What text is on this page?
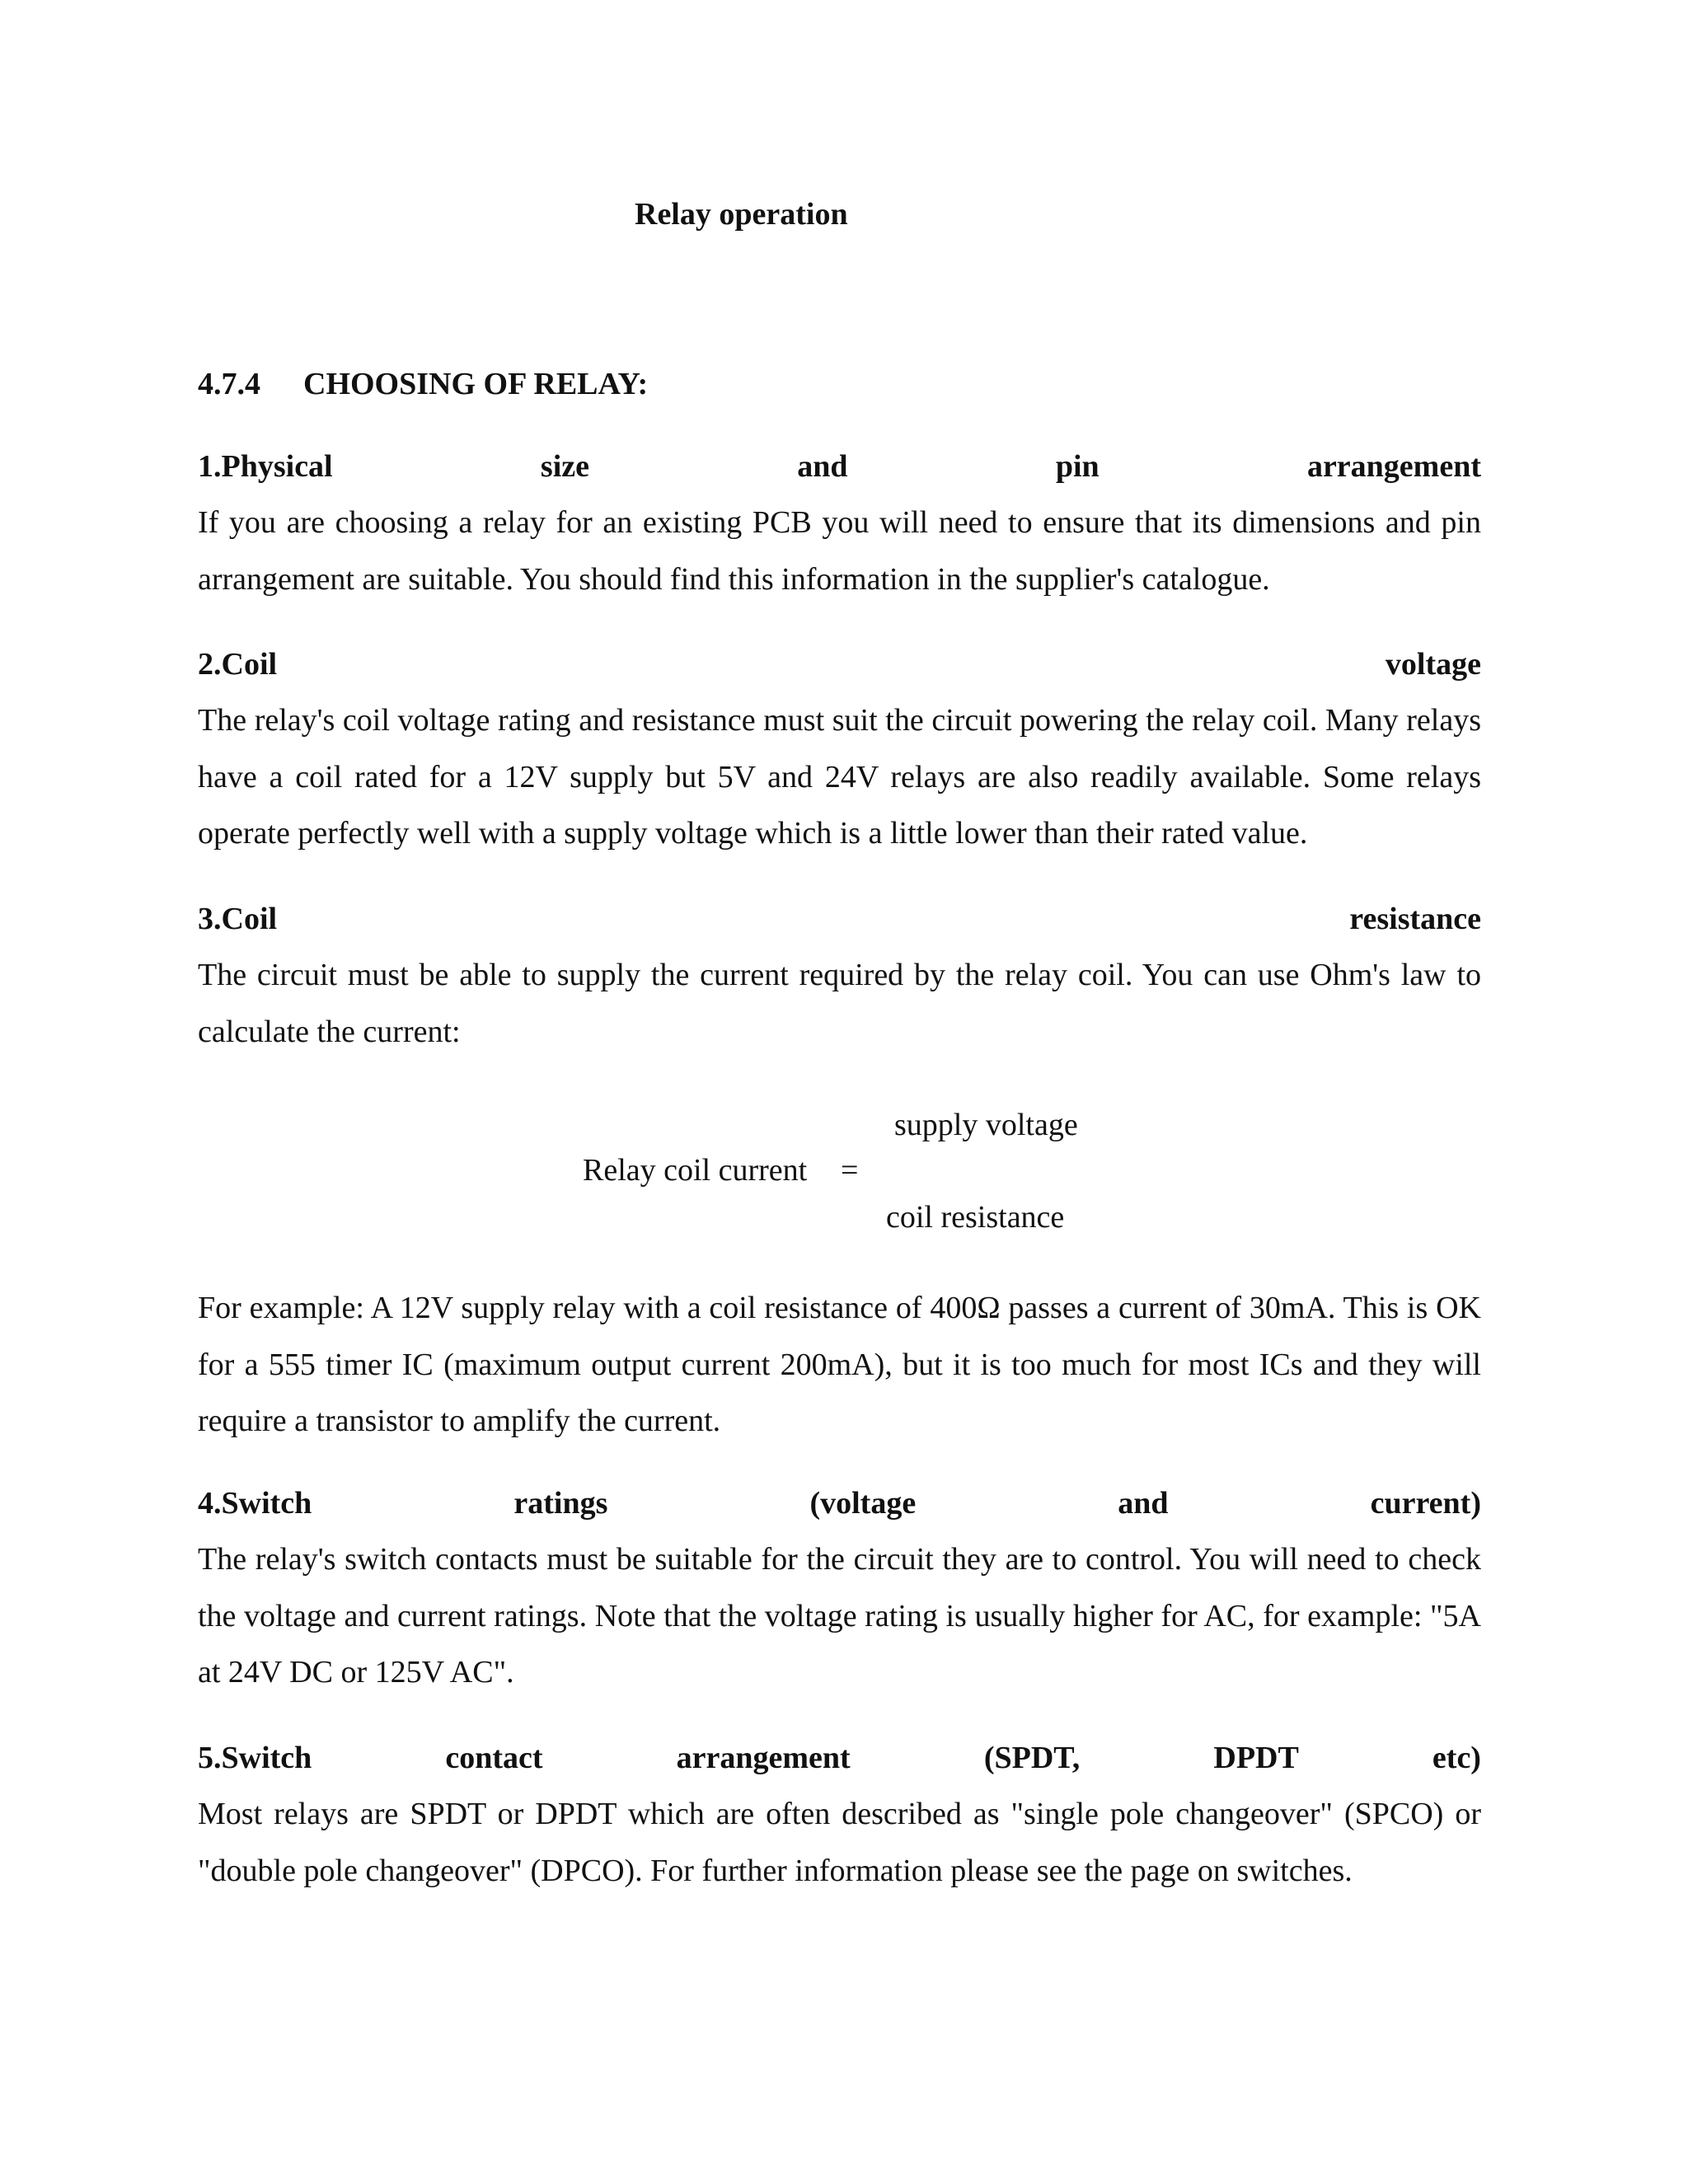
Relay operation
4.7.4 CHOOSING OF RELAY:
1.Physical	size	and	pin	arrangement
If you are choosing a relay for an existing PCB you will need to ensure that its dimensions and pin arrangement are suitable. You should find this information in the supplier's catalogue.
2.Coil	voltage
The relay's coil voltage rating and resistance must suit the circuit powering the relay coil. Many relays have a coil rated for a 12V supply but 5V and 24V relays are also readily available. Some relays operate perfectly well with a supply voltage which is a little lower than their rated value.
3.Coil	resistance
The circuit must be able to supply the current required by the relay coil. You can use Ohm's law to calculate the current:
supply voltage
Relay coil current =
coil resistance
For example: A 12V supply relay with a coil resistance of 400Ω passes a current of 30mA. This is OK for a 555 timer IC (maximum output current 200mA), but it is too much for most ICs and they will require a transistor to amplify the current.
4.Switch	ratings	(voltage	and	current)
The relay's switch contacts must be suitable for the circuit they are to control. You will need to check the voltage and current ratings. Note that the voltage rating is usually higher for AC, for example: "5A at 24V DC or 125V AC".
5.Switch	contact	arrangement	(SPDT,	DPDT	etc)
Most relays are SPDT or DPDT which are often described as "single pole changeover" (SPCO) or "double pole changeover" (DPCO). For further information please see the page on switches.
